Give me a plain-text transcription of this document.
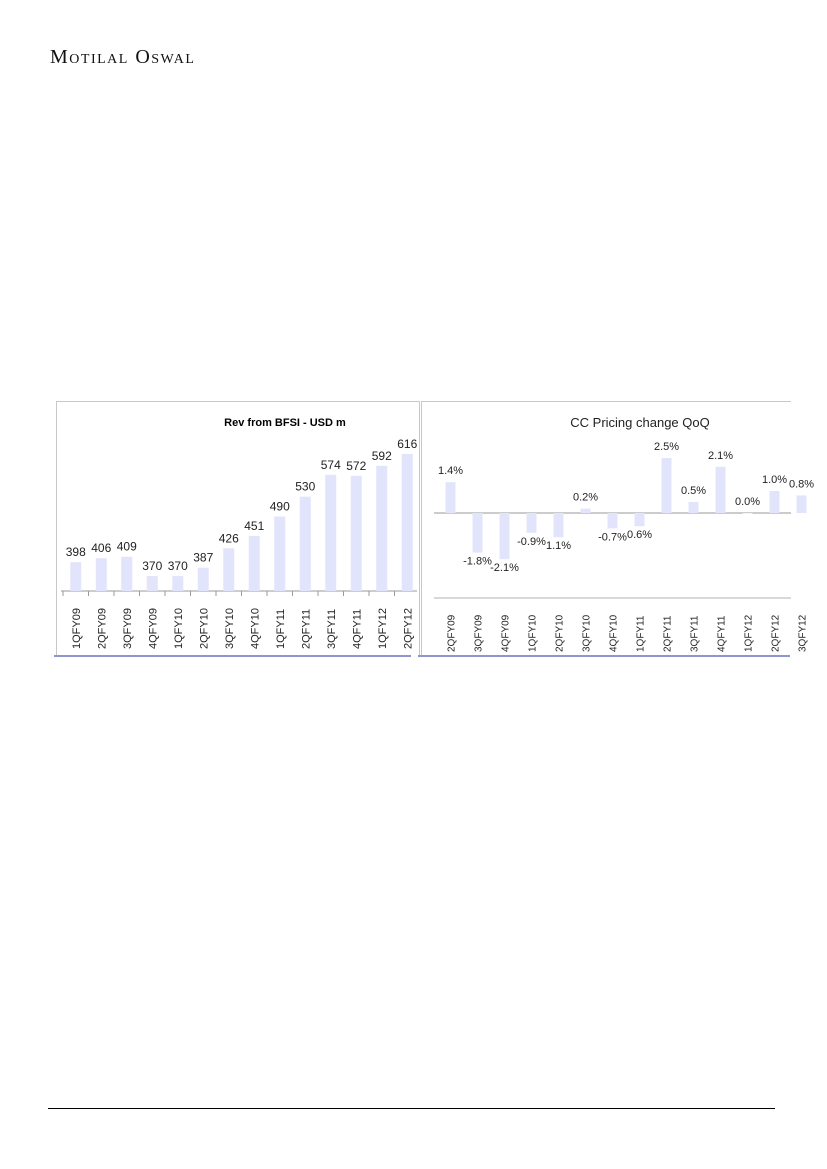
Motilal Oswal
Rev from BFSI - USD m
398
1QFY09
406
2QFY09
409
3QFY09
370
4QFY09
370
1QFY10
387
2QFY10
426
3QFY10
451
4QFY10
490
1QFY11
530
2QFY11
574
3QFY11
572
4QFY11
592
1QFY12
616
2QFY12
CC Pricing change QoQ
1.4%
2QFY09
-1.8%
3QFY09
-2.1%
4QFY09
-0.9%
1QFY10
1.1%
2QFY10
0.2%
3QFY10
-0.7%
4QFY10
0.6%
1QFY11
2.5%
2QFY11
0.5%
3QFY11
2.1%
4QFY11
0.0%
1QFY12
1.0%
2QFY12
0.8%
3QFY12
